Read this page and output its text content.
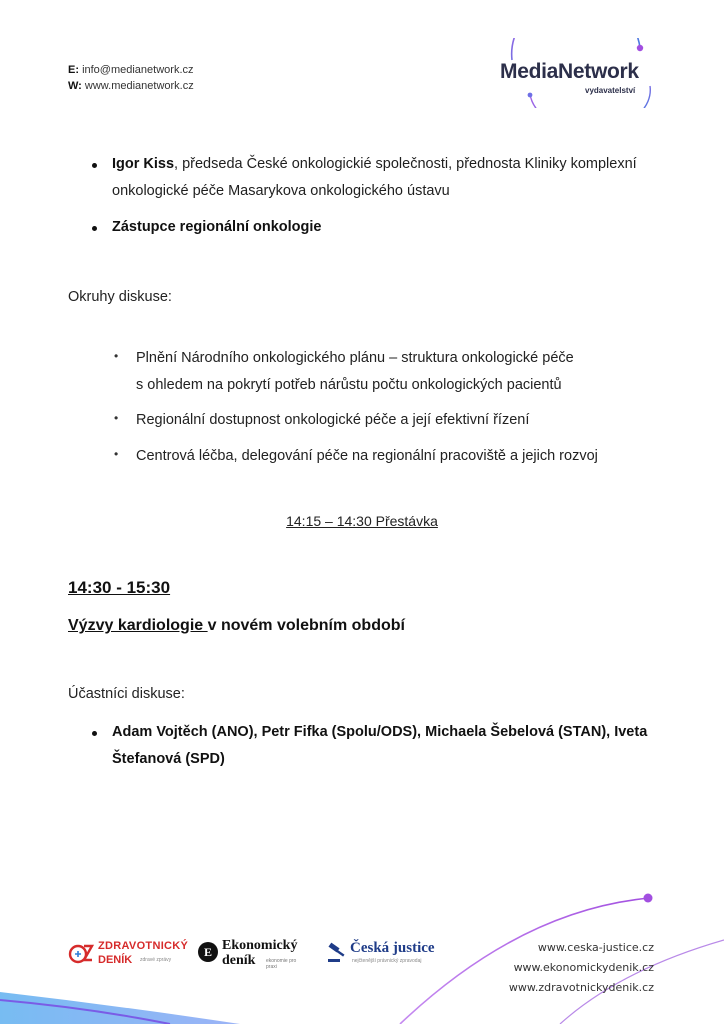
E: info@medianetwork.cz
W: www.medianetwork.cz
MediaNetwork
vydavatelství
Igor Kiss, předseda České onkologickié společnosti, přednosta Kliniky komplexní
onkologické péče Masarykova onkologického ústavu
Zástupce regionální onkologie
Okruhy diskuse:
• Plnění Národního onkologického plánu – struktura onkologické péče
s ohledem na pokrytí potřeb nárůstu počtu onkologických pacientů
• Regionální dostupnost onkologické péče a její efektivní řízení
• Centrová léčba, delegování péče na regionální pracoviště a jejich rozvoj
14:15 – 14:30 Přestávka
14:30 - 15:30
Výzvy kardiologie v novém volebním období
Účastníci diskuse:
Adam Vojtěch (ANO), Petr Fifka (Spolu/ODS), Michaela Šebelová (STAN), Iveta
Štefanová (SPD)
ZDRAVOTNICKÝ
DENÍK zdravé zprávy
E Ekonomický
deník ekonomie pro praxi
Česká justice
nejčtenější právnický zpravodaj
www.ceska-justice.cz
www.ekonomickydenik.cz
www.zdravotnickydenik.cz
